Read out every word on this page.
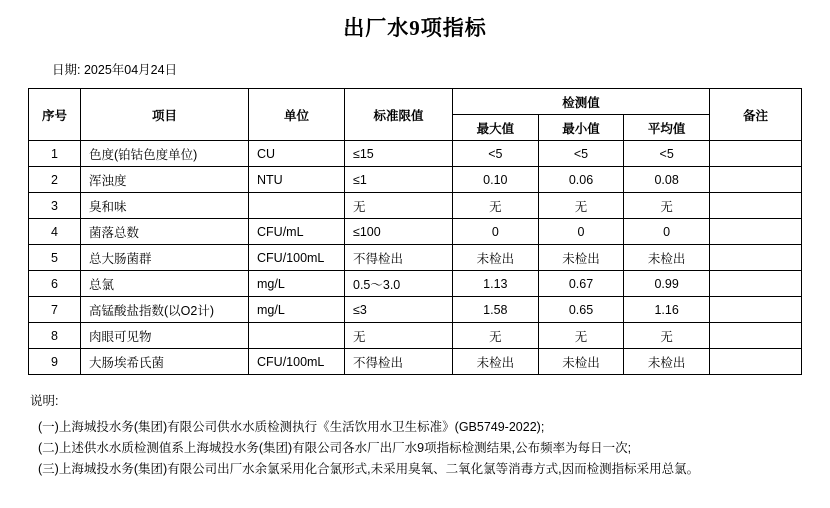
出厂水9项指标
日期: 2025年04月24日
序号	项目	单位	标准限值	检测值			备注
				最大值	最小值	平均值	
1	色度(铂钴色度单位)	CU	≤15	<5	<5	<5	
2	浑浊度	NTU	≤1	0.10	0.06	0.08	
3	臭和味		无	无	无	无	
4	菌落总数	CFU/mL	≤100	0	0	0	
5	总大肠菌群	CFU/100mL	不得检出	未检出	未检出	未检出	
6	总氯	mg/L	0.5～3.0	1.13	0.67	0.99	
7	高锰酸盐指数(以O2计)	mg/L	≤3	1.58	0.65	1.16	
8	肉眼可见物		无	无	无	无	
9	大肠埃希氏菌	CFU/100mL	不得检出	未检出	未检出	未检出	
说明:
(一)上海城投水务(集团)有限公司供水水质检测执行《生活饮用水卫生标准》(GB5749-2022);
(二)上述供水水质检测值系上海城投水务(集团)有限公司各水厂出厂水9项指标检测结果,公布频率为每日一次;
(三)上海城投水务(集团)有限公司出厂水余氯采用化合氯形式,未采用臭氧、二氧化氯等消毒方式,因而检测指标采用总氯。
